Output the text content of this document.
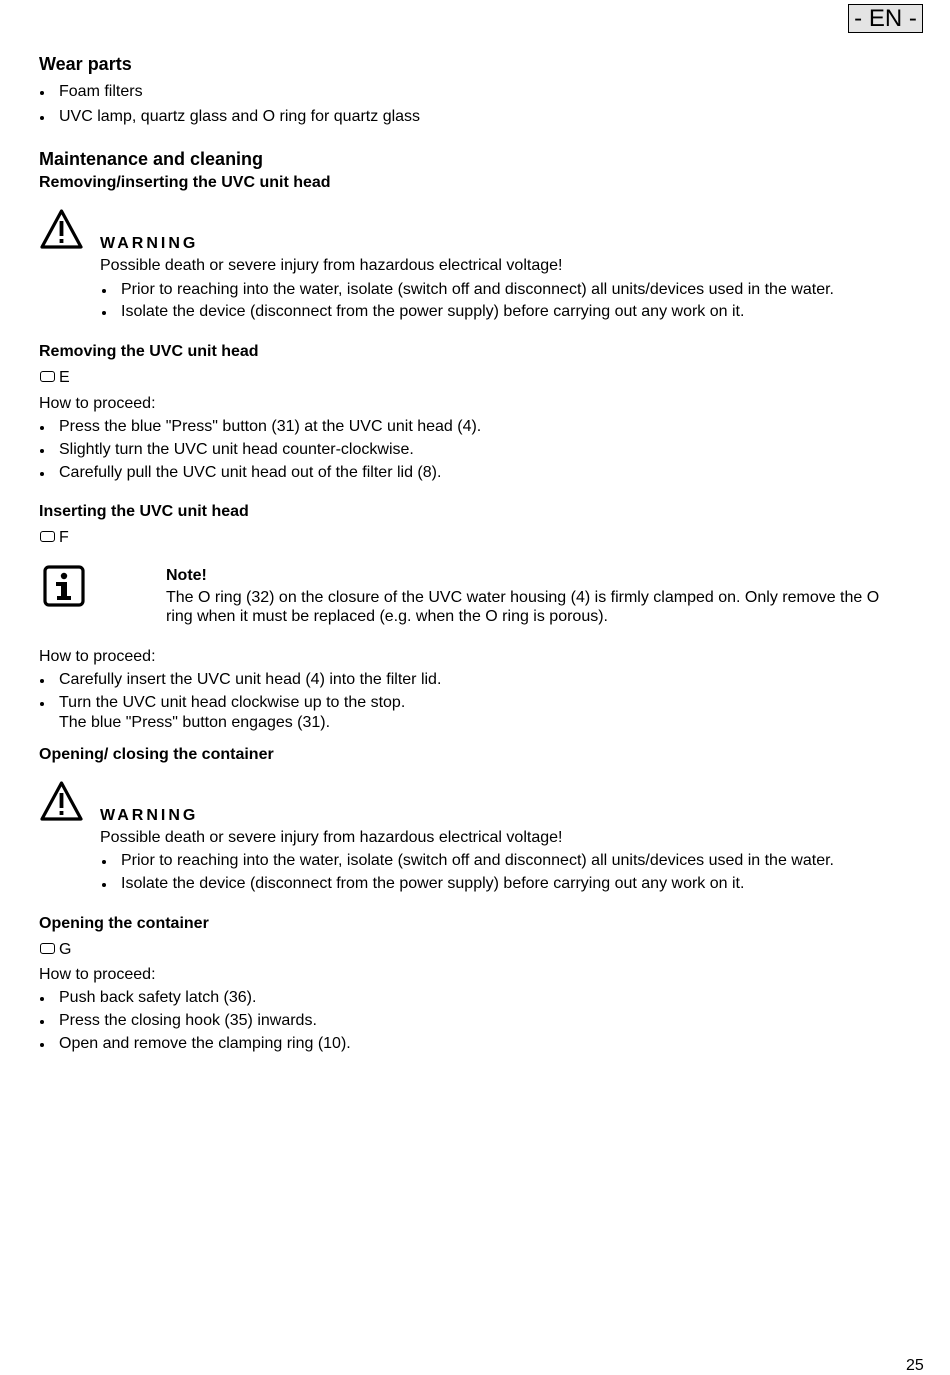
- EN -
Wear parts
Foam filters
UVC lamp, quartz glass and O ring for quartz glass
Maintenance and cleaning
Removing/inserting the UVC unit head
WARNING
Possible death or severe injury from hazardous electrical voltage!
Prior to reaching into the water, isolate (switch off and disconnect) all units/devices used in the water.
Isolate the device (disconnect from the power supply) before carrying out any work on it.
Removing the UVC unit head
E
How to proceed:
Press the blue "Press" button (31) at the UVC unit head (4).
Slightly turn the UVC unit head counter-clockwise.
Carefully pull the UVC unit head out of the filter lid (8).
Inserting the UVC unit head
F
Note!
The O ring (32) on the closure of the UVC water housing (4) is firmly clamped on. Only remove the O
ring when it must be replaced (e.g. when the O ring is porous).
How to proceed:
Carefully insert the UVC unit head (4) into the filter lid.
Turn the UVC unit head clockwise up to the stop.
The blue "Press" button engages (31).
Opening/ closing the container
WARNING
Possible death or severe injury from hazardous electrical voltage!
Prior to reaching into the water, isolate (switch off and disconnect) all units/devices used in the water.
Isolate the device (disconnect from the power supply) before carrying out any work on it.
Opening the container
G
How to proceed:
Push back safety latch (36).
Press the closing hook (35) inwards.
Open and remove the clamping ring (10).
25
